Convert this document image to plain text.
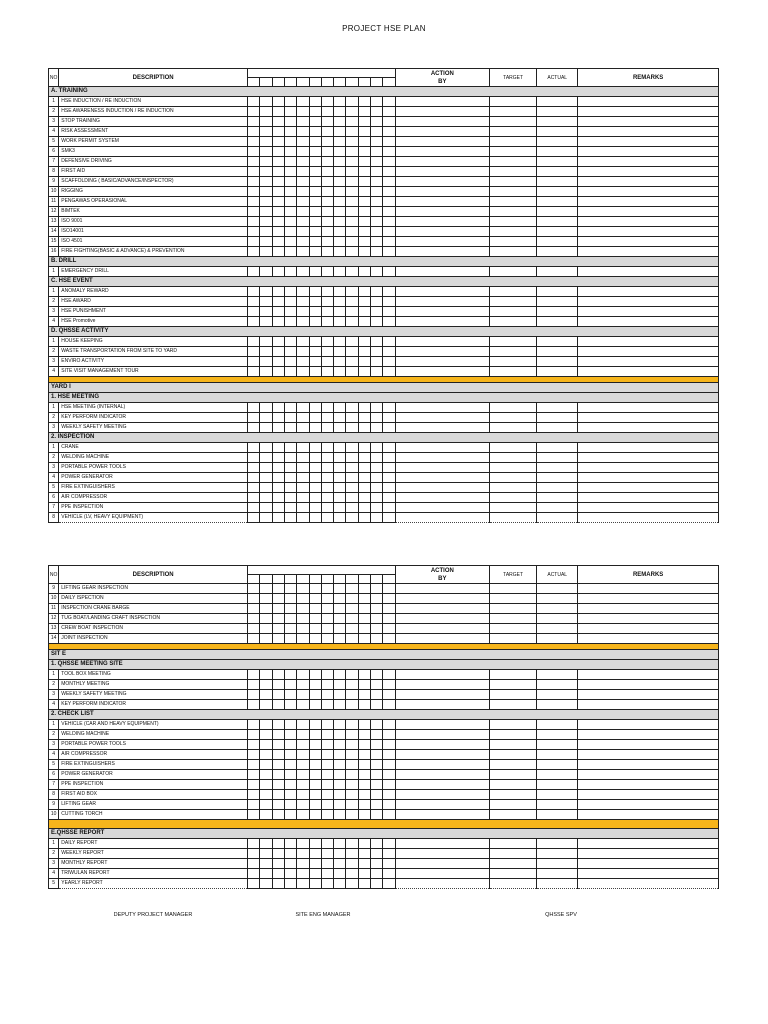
PROJECT HSE PLAN
NO	DESCRIPTION													ACTION
BY	TARGET	ACTUAL	REMARKS

A. TRAINING																	
1	HSE INDUCTION / RE INDUCTION																
2	HSE AWARENESS INDUCTION / RE INDUCTION																
3	STOP TRAINING																
4	RISK ASSESSMENT																
5	WORK PERMIT SYSTEM																
6	SMK3																
7	DEFENSIVE DRIVING																
8	FIRST AID																
9	SCAFFOLDING ( BASIC/ADVANCE/INSPECTOR)																
10	RIGGING																
11	PENGAWAS OPERASIONAL																
12	BIMTEK																
13	ISO 9001																
14	ISO14001																
15	ISO 4501																
16	FIRE FIGHTING(BASIC & ADVANCE) & PREVENTION																
B. DRILL																	
1	EMERGENCY DRILL																
C. HSE EVENT																	
1	ANOMALY REWARD																
2	HSE AWARD																
3	HSE PUNISHMENT																
4	HSE Promotive																
D. QHSSE ACTIVITY																	
1	HOUSE KEEPING																
2	WASTE TRANSPORTATION FROM SITE TO YARD																
3	ENVIRO ACTIVITY																
4	SITE VISIT MANAGEMENT TOUR																

YARD I																	
1. HSE MEETING																	
1	HSE MEETING (INTERNAL)																
2	KEY PERFORM INDICATOR																
3	WEEKLY SAFETY MEETING																
2. INSPECTION																	
1	CRANE																
2	WELDING MACHINE																
3	PORTABLE POWER TOOLS																
4	POWER GENERATOR																
5	FIRE EXTINGUISHERS																
6	AIR COMPRESSOR																
7	PPE INSPECTION																
8	VEHICLE (LV, HEAVY EQUIPMENT)																
NO	DESCRIPTION													ACTION
BY	TARGET	ACTUAL	REMARKS

9	LIFTING GEAR INSPECTION																
10	DAILY ISPECTION																
11	INSPECTION CRANE BARGE																
12	TUG BOAT/LANDING CRAFT INSPECTION																
13	CREW BOAT INSPECTION																
14	JOINT INSPECTION																

SIT E																	
1. QHSSE MEETING SITE																	
1	TOOL BOX MEETING																
2	MONTHLY MEETING																
3	WEEKLY SAFETY MEETING																
4	KEY PERFORM INDICATOR																
2. CHECK LIST																	
1	VEHICLE (CAR AND HEAVY EQUIPMENT)																
2	WELDING MACHINE																
3	PORTABLE POWER TOOLS																
4	AIR COMPRESSOR																
5	FIRE EXTINGUISHERS																
6	POWER GENERATOR																
7	PPE INSPECTION																
8	FIRST AID BOX																
9	LIFTING GEAR																
10	CUTTING TORCH																

E.QHSSE REPORT																	
1	DAILY REPORT																
2	WEEKLY REPORT																
3	MONTHLY REPORT																
4	TRIWULAN REPORT																
5	YEARLY REPORT																
DEPUTY PROJECT MANAGER	SITE ENG MANAGER	QHSSE SPV
